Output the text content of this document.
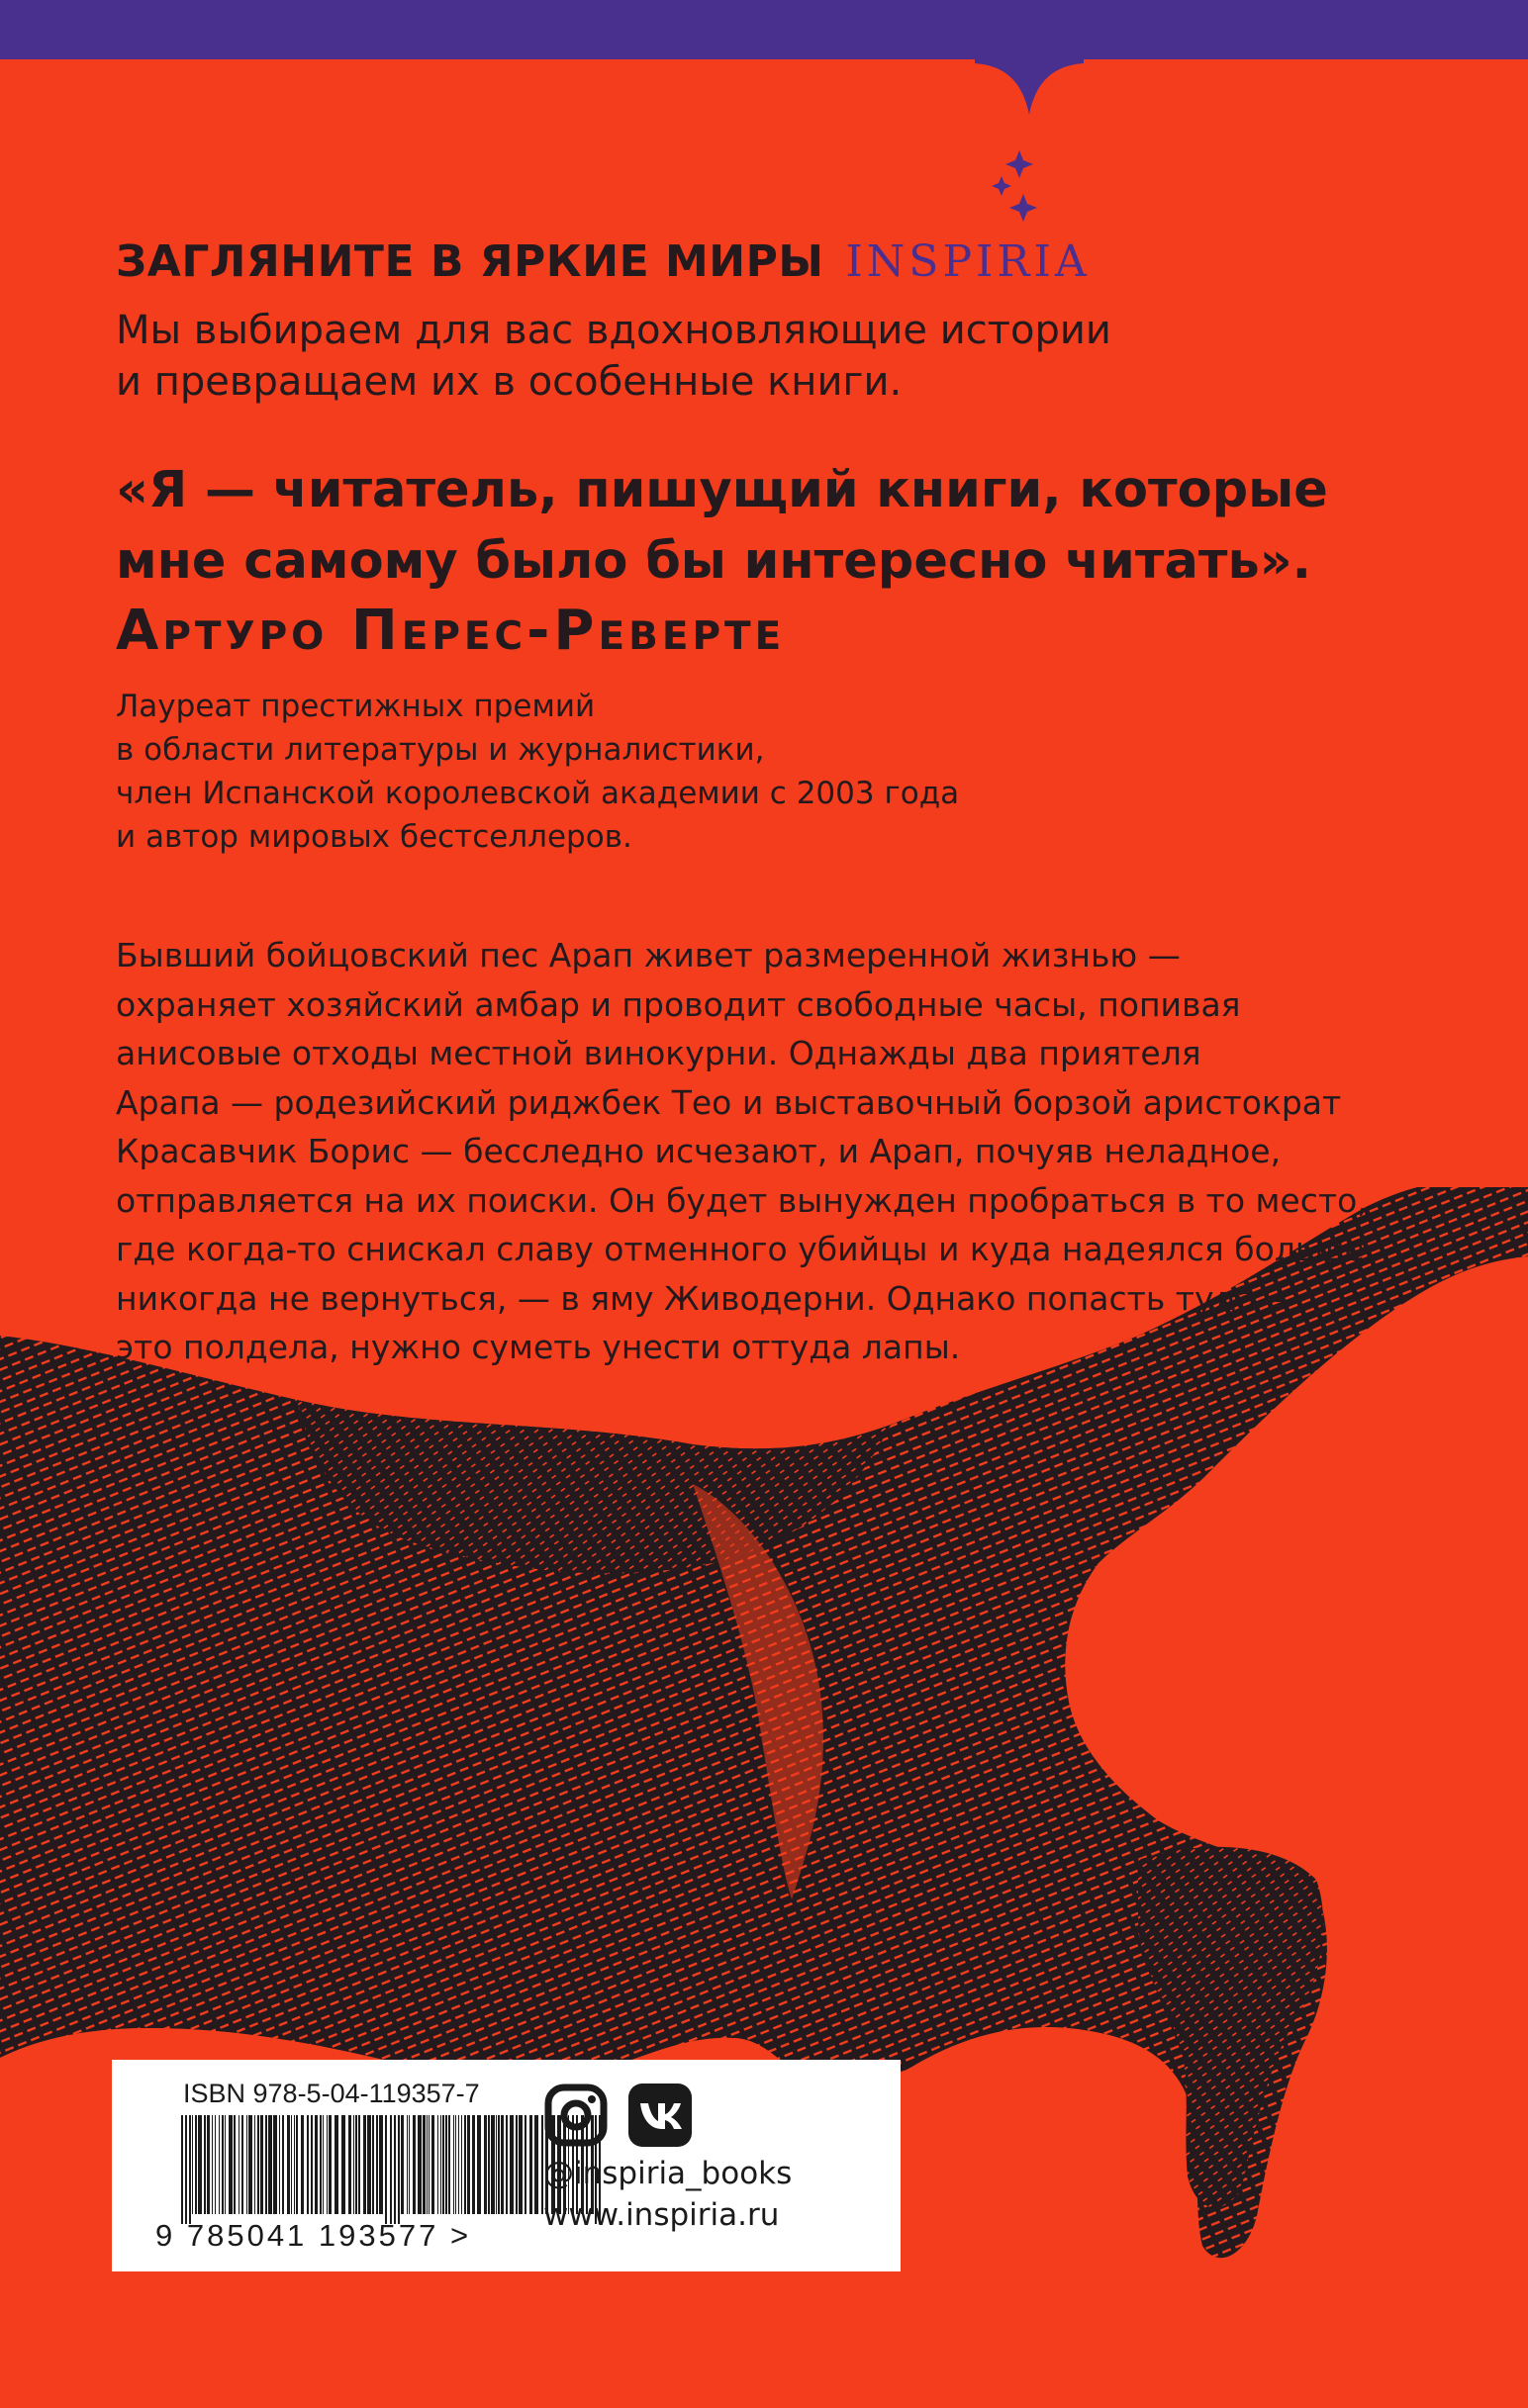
ЗАГЛЯНИТЕ В ЯРКИЕ МИРЫ INSPIRIA
Мы выбираем для вас вдохновляющие истории
и превращаем их в особенные книги.
«Я — читатель, пишущий книги, которые
мне самому было бы интересно читать».
Артуро Перес-Реверте
Лауреат престижных премий
в области литературы и журналистики,
член Испанской королевской академии с 2003 года
и автор мировых бестселлеров.
Бывший бойцовский пес Арап живет размеренной жизнью —
охраняет хозяйский амбар и проводит свободные часы, попивая
анисовые отходы местной винокурни. Однажды два приятеля
Арапа — родезийский риджбек Тео и выставочный борзой аристократ
Красавчик Борис — бесследно исчезают, и Арап, почуяв неладное,
отправляется на их поиски. Он будет вынужден пробраться в то место,
где когда-то снискал славу отменного убийцы и куда надеялся больше
никогда не вернуться, — в яму Живодерни. Однако попасть туда —
это полдела, нужно суметь унести оттуда лапы.
ISBN 978-5-04-119357-7
9 785041 193577 >
@inspiria_books
www.inspiria.ru
